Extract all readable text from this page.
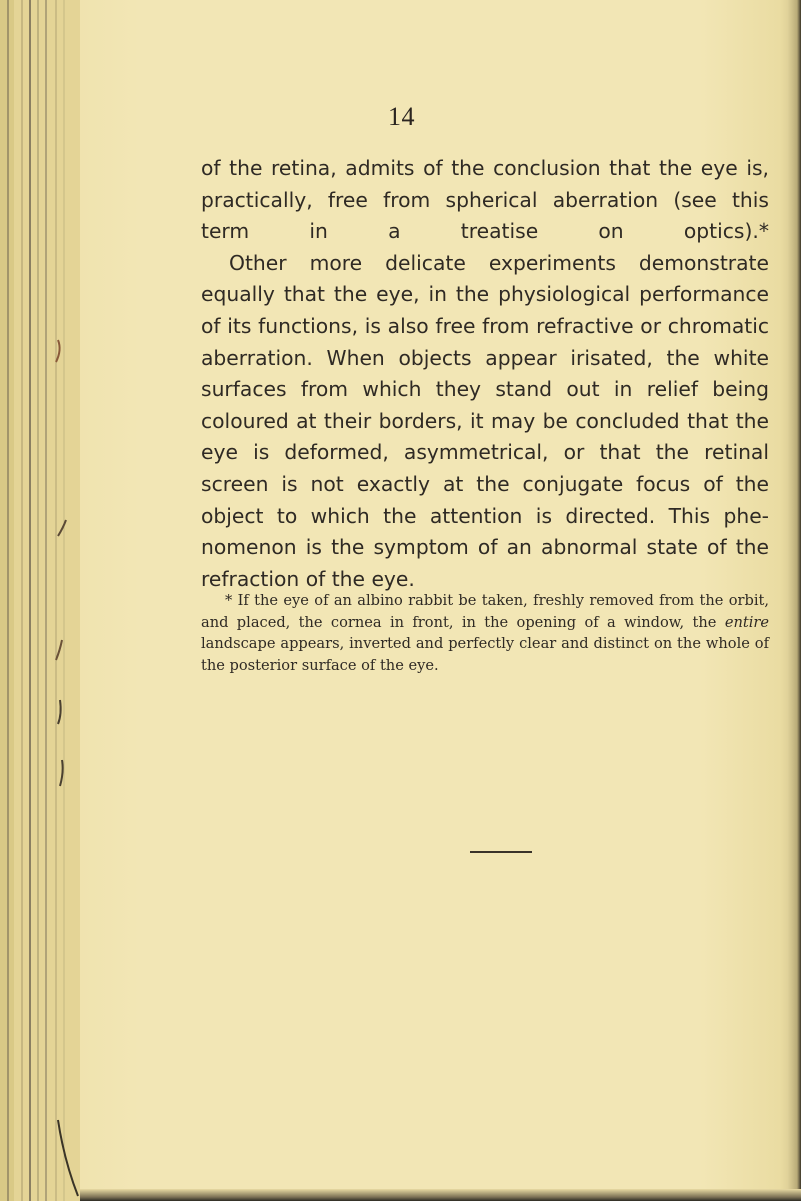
14

of the retina, admits of the conclusion that the eye is, practically, free from spherical aberration (see this term in a treatise on optics).*

Other more delicate experiments demonstrate equally that the eye, in the physiological performance of its functions, is also free from refractive or chromatic aberration. When objects appear irisated, the white surfaces from which they stand out in relief being coloured at their borders, it may be concluded that the eye is deformed, asymmetrical, or that the retinal screen is not exactly at the conjugate focus of the object to which the attention is directed. This phe-nomenon is the symptom of an abnormal state of the refraction of the eye.

* If the eye of an albino rabbit be taken, freshly removed from the orbit, and placed, the cornea in front, in the opening of a window, the entire landscape appears, inverted and perfectly clear and distinct on the whole of the posterior surface of the eye.
